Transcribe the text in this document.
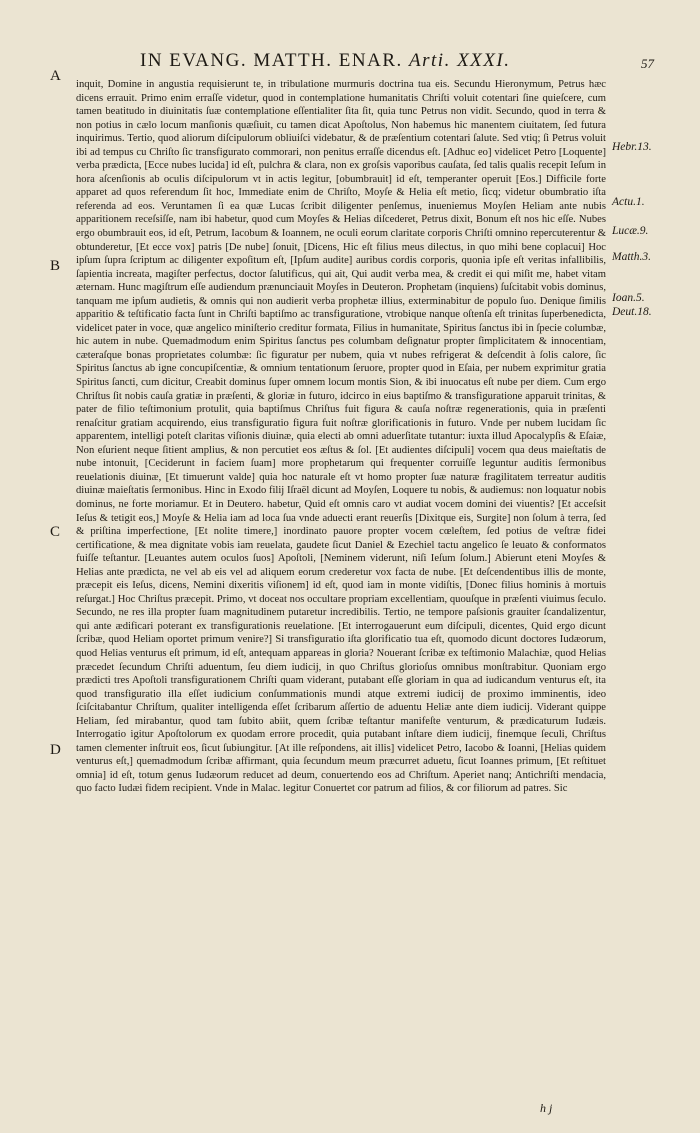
IN EVANG. MATTH. ENAR. Arti. XXXI.	57
A
B
C
D
Hebr.13.
Actu.1.
Lucæ.9.
Matth.3.
Ioan.5.
Deut.18.

inquit, Domine in angustia requisierunt te, in tribulatione murmuris doctrina tua eis. Secundu Hieronymum, Petrus hæc dicens errauit. Primo enim erraſſe videtur, quod in contemplatione humanitatis Chriſti voluit cotentari ſine quieſcere, cum tamen beatitudo in diuinitatis ſuæ contemplatione eſſentialiter ſita ſit, quia tunc Petrus non vidit. Secundo, quod in terra & non potius in cælo locum manſionis quæſiuit, cu tamen dicat Apoſtolus, Non habemus hic manentem ciuitatem, ſed futura inquirimus. Tertio, quod aliorum diſcipulorum obliuiſci videbatur, & de præſentium cotentari ſalute. Sed vtiq; ſi Petrus voluit ibi ad tempus cu Chriſto ſic transfigurato commorari, non penitus erraſſe dicendus eſt. [Adhuc eo] videlicet Petro [Loquente] verba prædicta, [Ecce nubes lucida] id eſt, pulchra & clara, non ex groſsis vaporibus cauſata, ſed talis qualis recepit Ieſum in hora aſcenſionis ab oculis diſcipulorum vt in actis legitur, [obumbrauit] id eſt, temperanter operuit [Eos.] Difficile forte apparet ad quos referendum ſit hoc, Immediate enim de Chriſto, Moyſe & Helia eſt metio, ſicq; videtur obumbratio iſta referenda ad eos. Veruntamen ſi ea quæ Lucas ſcribit diligenter penſemus, inueniemus Moyſen Heliam ante nubis apparitionem receſsiſſe, nam ibi habetur, quod cum Moyſes & Helias diſcederet, Petrus dixit, Bonum eſt nos hic eſſe. Nubes ergo obumbrauit eos, id eſt, Petrum, Iacobum & Ioannem, ne oculi eorum claritate corporis Chriſti omnino repercuterentur & obtunderetur, [Et ecce vox] patris [De nube] ſonuit, [Dicens, Hic eſt filius meus dilectus, in quo mihi bene coplacui] Hoc ipſum ſupra ſcriptum ac diligenter expoſitum eſt, [Ipſum audite] auribus cordis corporis, quonia ipſe eſt veritas infallibilis, ſapientia increata, magiſter perfectus, doctor ſalutificus, qui ait, Qui audit verba mea, & credit ei qui miſit me, habet vitam æternam. Hunc magiſtrum eſſe audiendum prænunciauit Moyſes in Deuteron. Prophetam (inquiens) ſuſcitabit vobis dominus, tanquam me ipſum audietis, & omnis qui non audierit verba prophetæ illius, exterminabitur de populo ſuo. Denique ſimilis apparitio & teſtificatio facta ſunt in Chriſti baptiſmo ac transfiguratione, vtrobique nanque oſtenſa eſt trinitas ſuperbenedicta, videlicet pater in voce, quæ angelico miniſterio creditur formata, Filius in humanitate, Spiritus ſanctus ibi in ſpecie columbæ, hic autem in nube. Quemadmodum enim Spiritus ſanctus pes columbam deſignatur propter ſimplicitatem & innocentiam, cæteraſque bonas proprietates columbæ: ſic figuratur per nubem, quia vt nubes refrigerat & deſcendit à ſolis calore, ſic Spiritus ſanctus ab igne concupiſcentiæ, & omnium tentationum ſeruore, propter quod in Eſaia, per nubem exprimitur gratia Spiritus ſancti, cum dicitur, Creabit dominus ſuper omnem locum montis Sion, & ibi inuocatus eſt nube per diem. Cum ergo Chriſtus ſit nobis cauſa gratiæ in præſenti, & gloriæ in futuro, idcirco in eius baptiſmo & transfiguratione apparuit trinitas, & pater de filio teſtimonium protulit, quia baptiſmus Chriſtus fuit figura & cauſa noſtræ regenerationis, quia in præſenti renaſcitur gratiam acquirendo, eius transfiguratio figura fuit noſtræ glorificationis in futuro. Vnde per nubem lucidam ſic apparentem, intelligi poteſt claritas viſionis diuinæ, quia electi ab omni aduerſitate tutantur: iuxta illud Apocalypſis & Eſaiæ, Non eſurient neque ſitient amplius, & non percutiet eos æſtus & ſol. [Et audientes diſcipuli] vocem qua deus maieſtatis de nube intonuit, [Ceciderunt in faciem ſuam] more prophetarum qui frequenter corruiſſe leguntur auditis ſermonibus reuelationis diuinæ, [Et timuerunt valde] quia hoc naturale eſt vt homo propter ſuæ naturæ fragilitatem terreatur auditis diuinæ maieſtatis ſermonibus. Hinc in Exodo filij Iſraël dicunt ad Moyſen, Loquere tu nobis, & audiemus: non loquatur nobis dominus, ne forte moriamur. Et in Deutero. habetur, Quid eſt omnis caro vt audiat vocem domini dei viuentis? [Et acceſsit Ieſus & tetigit eos,] Moyſe & Helia iam ad loca ſua vnde aduecti erant reuerſis [Dixitque eis, Surgite] non ſolum à terra, ſed & priſtina imperfectione, [Et nolite timere,] inordinato pauore propter vocem cœleſtem, ſed potius de veſtræ fidei certificatione, & mea dignitate vobis iam reuelata, gaudete ſicut Daniel & Ezechiel tactu angelico ſe leuato & conformatos fuiſſe teſtantur. [Leuantes autem oculos ſuos] Apoſtoli, [Neminem viderunt, niſi Ieſum ſolum.] Abierunt eteni Moyſes & Helias ante prædicta, ne vel ab eis vel ad aliquem eorum crederetur vox facta de nube. [Et deſcendentibus illis de monte, præcepit eis Ieſus, dicens, Nemini dixeritis viſionem] id eſt, quod iam in monte vidiſtis, [Donec filius hominis à mortuis reſurgat.] Hoc Chriſtus præcepit. Primo, vt doceat nos occultare propriam excellentiam, quouſque in præſenti viuimus ſeculo. Secundo, ne res illa propter ſuam magnitudinem putaretur incredibilis. Tertio, ne tempore paſsionis grauiter ſcandalizentur, qui ante ædificari poterant ex transfigurationis reuelatione. [Et interrogauerunt eum diſcipuli, dicentes, Quid ergo dicunt ſcribæ, quod Heliam oportet primum venire?] Si transfiguratio iſta glorificatio tua eſt, quomodo dicunt doctores Iudæorum, quod Helias venturus eſt primum, id eſt, antequam appareas in gloria? Nouerant ſcribæ ex teſtimonio Malachiæ, quod Helias præcedet ſecundum Chriſti aduentum, ſeu diem iudicij, in quo Chriſtus glorioſus omnibus monſtrabitur. Quoniam ergo prædicti tres Apoſtoli transfigurationem Chriſti quam viderant, putabant eſſe gloriam in qua ad iudicandum venturus eſt, ita quod transfiguratio illa eſſet iudicium conſummationis mundi atque extremi iudicij de proximo imminentis, ideo ſciſcitabantur Chriſtum, qualiter intelligenda eſſet ſcribarum aſſertio de aduentu Heliæ ante diem iudicij. Viderant quippe Heliam, ſed mirabantur, quod tam ſubito abiit, quem ſcribæ teſtantur manifeſte venturum, & prædicaturum Iudæis. Interrogatio igitur Apoſtolorum ex quodam errore procedit, quia putabant inſtare diem iudicij, finemque ſeculi, Chriſtus tamen clementer inſtruit eos, ſicut ſubiungitur. [At ille reſpondens, ait illis] videlicet Petro, Iacobo & Ioanni, [Helias quidem venturus eſt,] quemadmodum ſcribæ affirmant, quia ſecundum meum præcurret aduetu, ſicut Ioannes primum, [Et reſtituet omnia] id eſt, totum genus Iudæorum reducet ad deum, conuertendo eos ad Chriſtum. Aperiet nanq; Antichriſti mendacia, quo facto Iudæi fidem recipient. Vnde in Malac. legitur Conuertet cor patrum ad filios, & cor filiorum ad patres. Sic

h j
